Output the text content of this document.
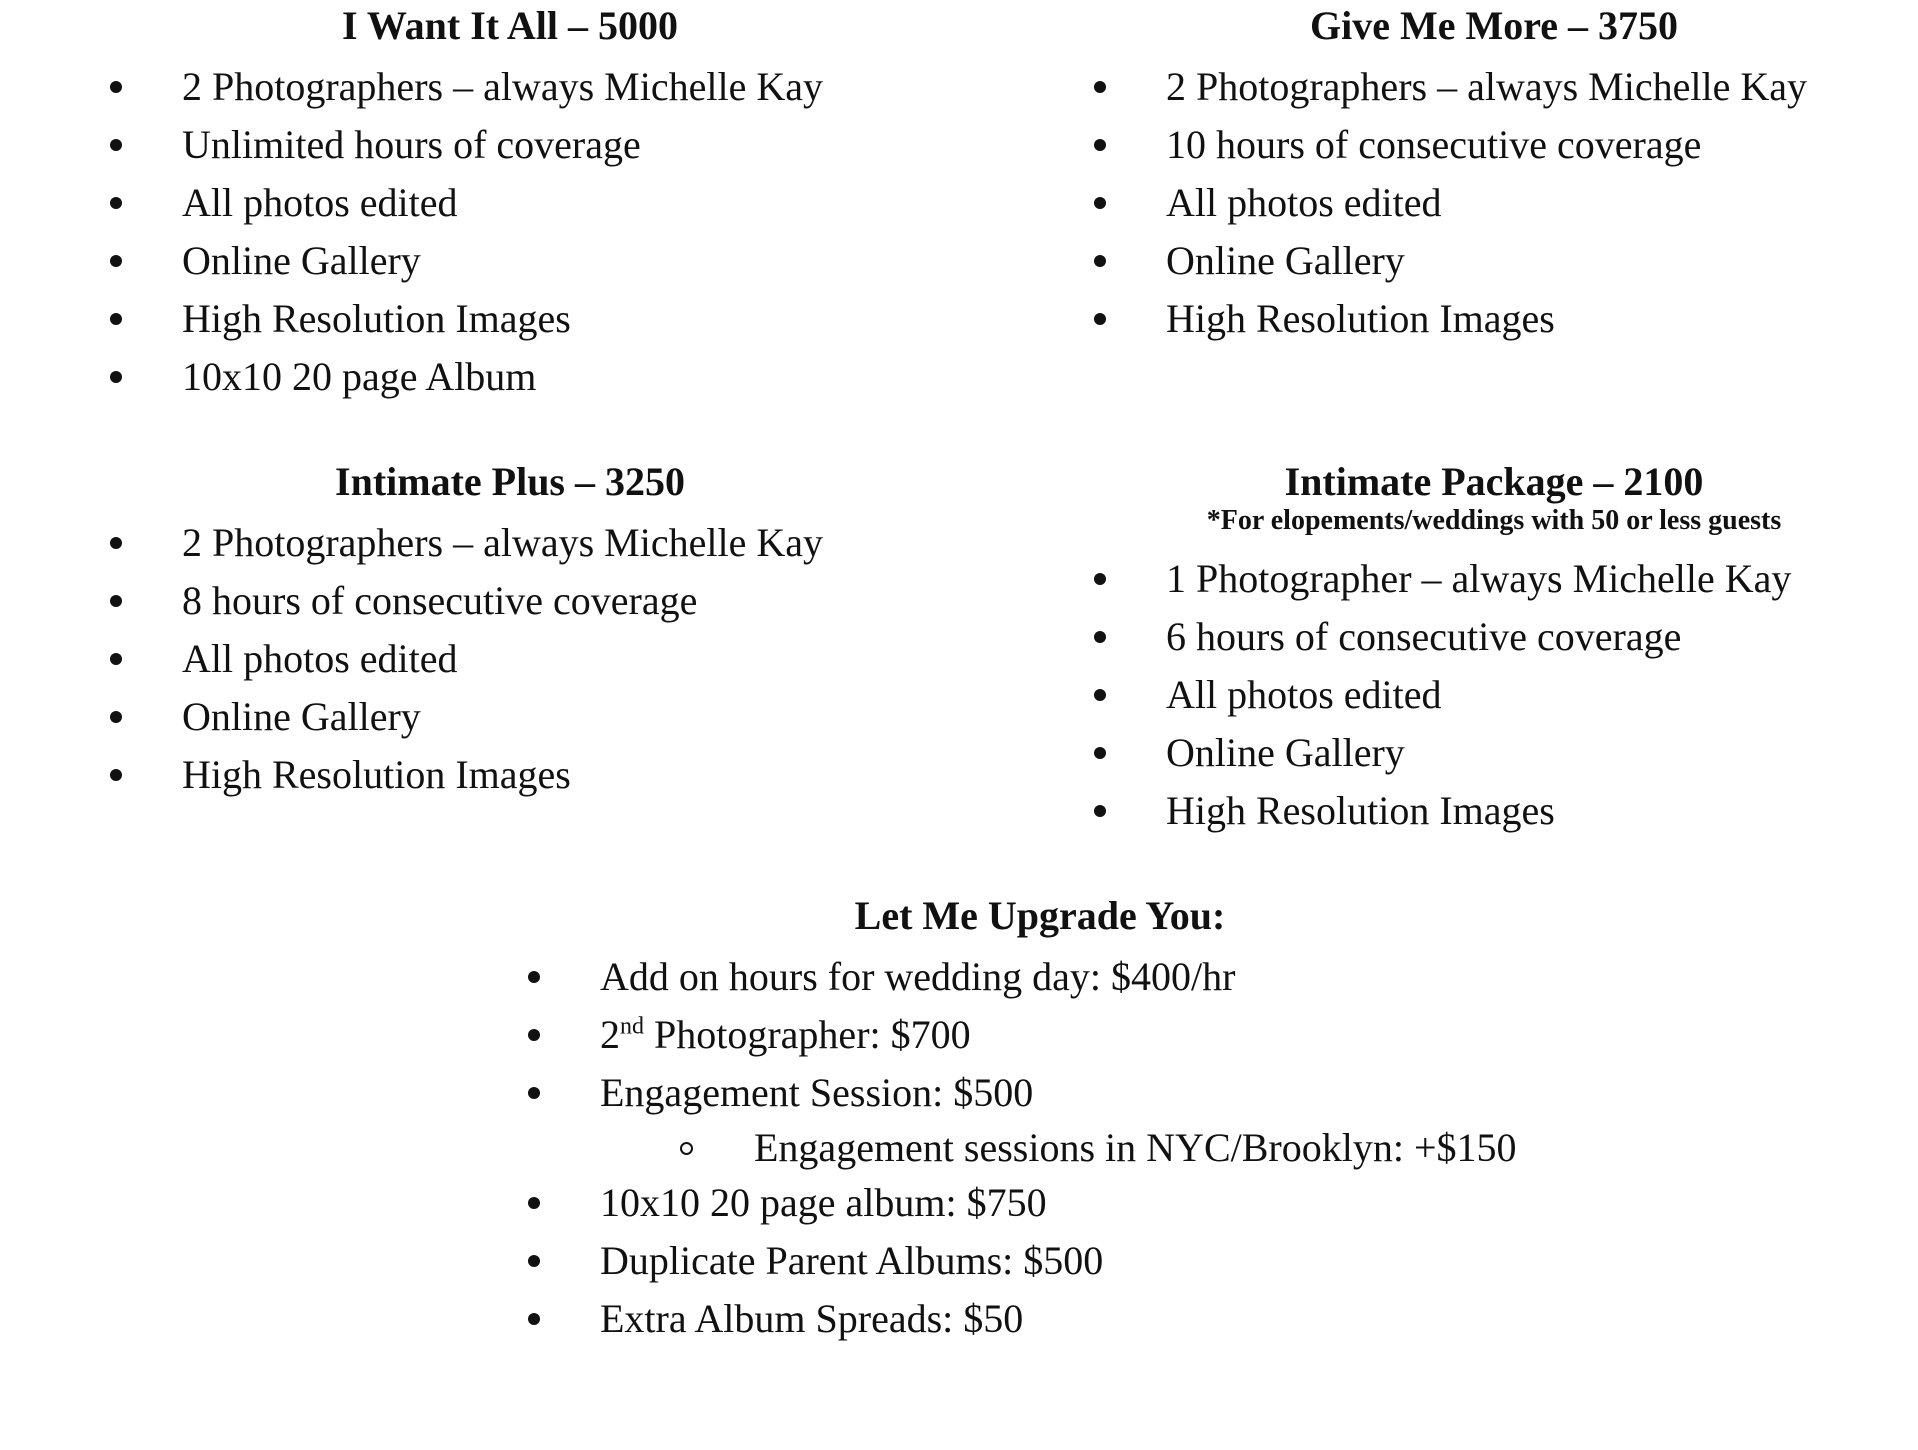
I Want It All – 5000
2 Photographers – always Michelle Kay
Unlimited hours of coverage
All photos edited
Online Gallery
High Resolution Images
10x10 20 page Album
Give Me More – 3750
2 Photographers – always Michelle Kay
10 hours of consecutive coverage
All photos edited
Online Gallery
High Resolution Images
Intimate Plus – 3250
2 Photographers – always Michelle Kay
8 hours of consecutive coverage
All photos edited
Online Gallery
High Resolution Images
Intimate Package – 2100
*For elopements/weddings with 50 or less guests
1 Photographer – always Michelle Kay
6 hours of consecutive coverage
All photos edited
Online Gallery
High Resolution Images
Let Me Upgrade You:
Add on hours for wedding day: $400/hr
2nd Photographer: $700
Engagement Session: $500
Engagement sessions in NYC/Brooklyn: +$150
10x10 20 page album: $750
Duplicate Parent Albums: $500
Extra Album Spreads: $50
